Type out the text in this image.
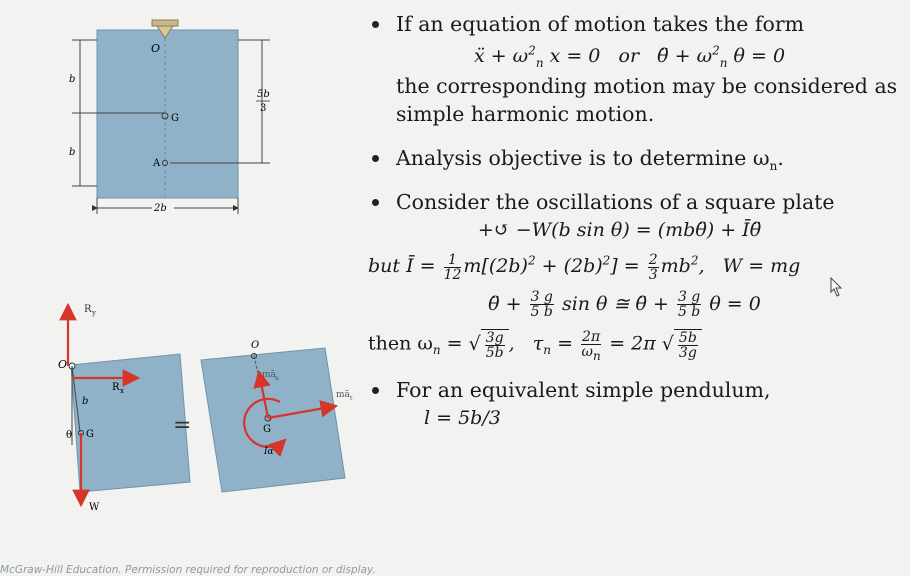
O
G
A
b
b
5b
3
2b
R y
O
R x
b
θ G
W
=
O
mā t
mā n
G
Īα
If an equation of motion takes the form
ẍ + $\omega^2_n$ x = 0   or   θ̈ + $\omega^2_n$ θ = 0
the corresponding motion may be considered as simple harmonic motion.
Analysis objective is to determine $\omega_n$.
Consider the oscillations of a square plate
+↺ −W(b sin θ) = (mbθ̈) + Īθ̈
but Ī = $\frac{1}{12} m[(2b)^2 + (2b)^2] = \frac{2}{3} mb^2$,   W = mg
θ̈ + $\frac{3 g}{5 b}$ sin θ ≅ θ̈ + $\frac{3 g}{5 b}$ θ = 0
then $\omega_n$ = √ $\frac{3g}{5b}$ ,   $\tau_n = \frac{2\pi}{\omega_n} = 2\pi$ √ $\frac{5b}{3g}$
For an equivalent simple pendulum,
l = 5b/3
McGraw-Hill Education. Permission required for reproduction or display.
